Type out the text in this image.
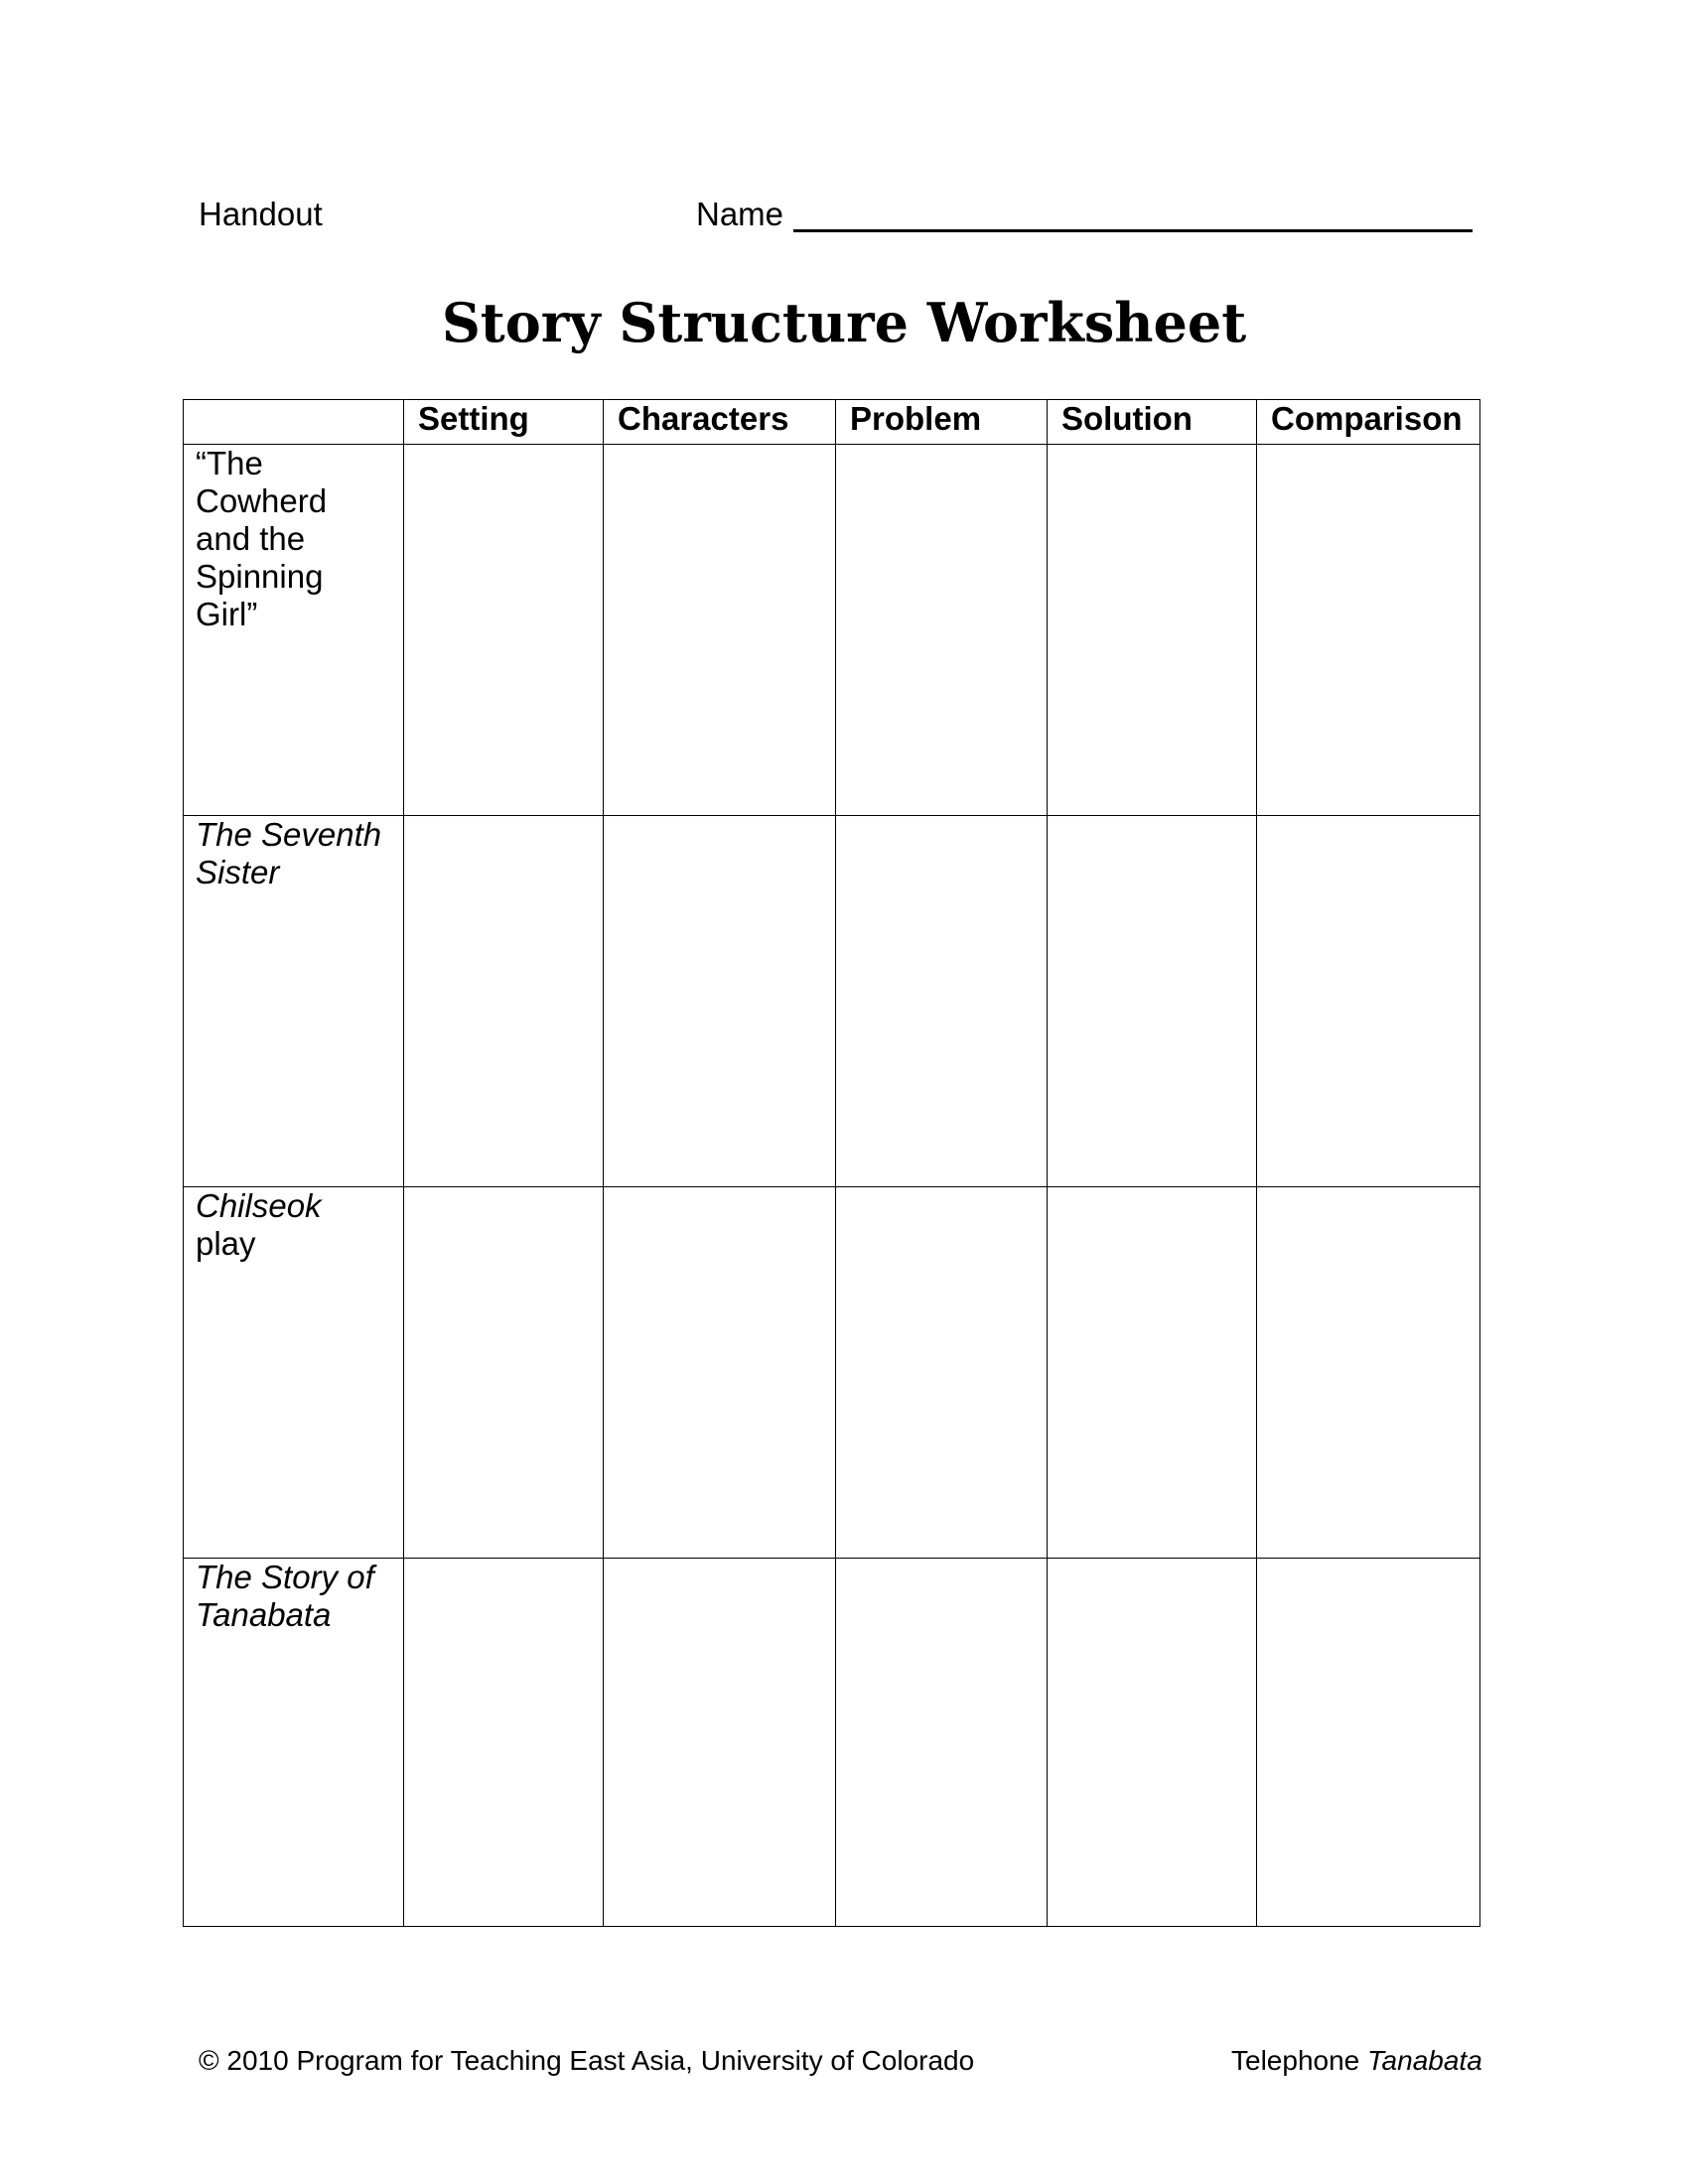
Handout	Name
Story Structure Worksheet
	Setting	Characters	Problem	Solution	Comparison

“The
Cowherd
and the
Spinning
Girl”					

The Seventh Sister					

Chilseok
play					

The Story of Tanabata					

© 2010 Program for Teaching East Asia, University of Colorado	Telephone Tanabata
